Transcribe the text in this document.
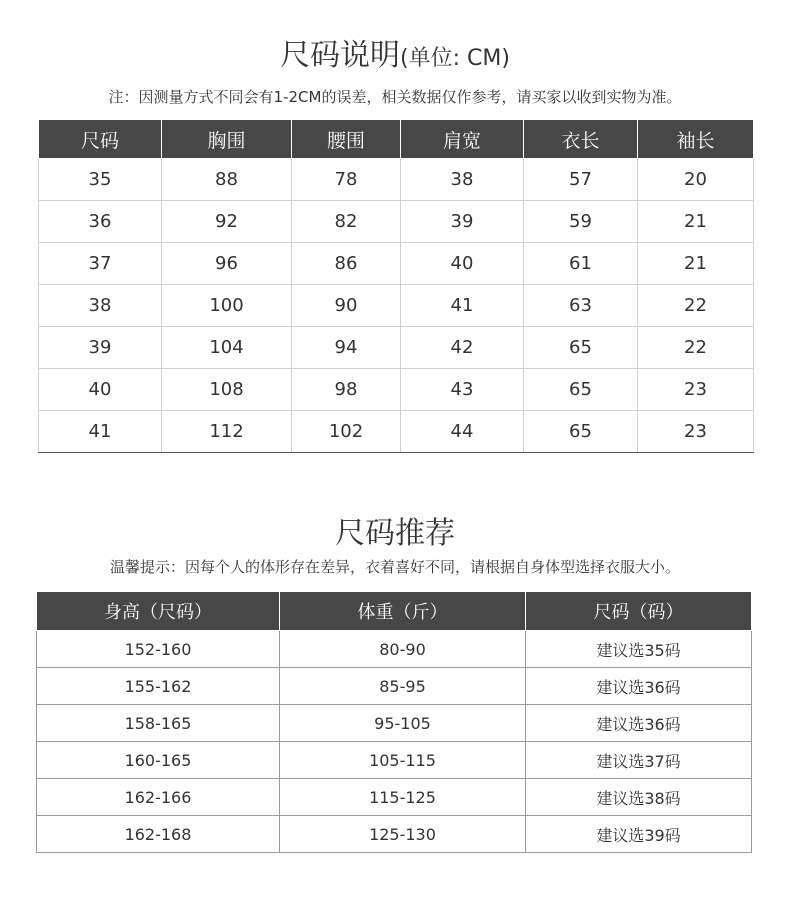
尺码说明(单位: CM)
注：因测量方式不同会有1-2CM的误差，相关数据仅作参考，请买家以收到实物为准。
尺码	胸围	腰围	肩宽	衣长	袖长
35	88	78	38	57	20
36	92	82	39	59	21
37	96	86	40	61	21
38	100	90	41	63	22
39	104	94	42	65	22
40	108	98	43	65	23
41	112	102	44	65	23
尺码推荐
温馨提示：因每个人的体形存在差异，衣着喜好不同，请根据自身体型选择衣服大小。
身高（尺码）	体重（斤）	尺码（码）
152-160	80-90	建议选35码
155-162	85-95	建议选36码
158-165	95-105	建议选36码
160-165	105-115	建议选37码
162-166	115-125	建议选38码
162-168	125-130	建议选39码
